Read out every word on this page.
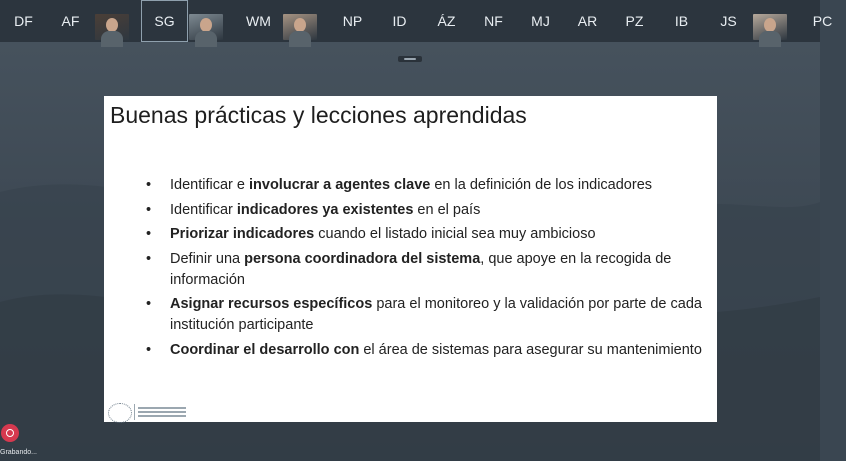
DF AF	SG	WM	NP ID ÁZ NF MJ AR PZ IB JS	PC
Buenas prácticas y lecciones aprendidas
• Identificar e involucrar a agentes clave en la definición de los indicadores
• Identificar indicadores ya existentes en el país
• Priorizar indicadores cuando el listado inicial sea muy ambicioso
• Definir una persona coordinadora del sistema, que apoye en la recogida de información
• Asignar recursos específicos para el monitoreo y la validación por parte de cada institución participante
• Coordinar el desarrollo con el área de sistemas para asegurar su mantenimiento
Grabando...
